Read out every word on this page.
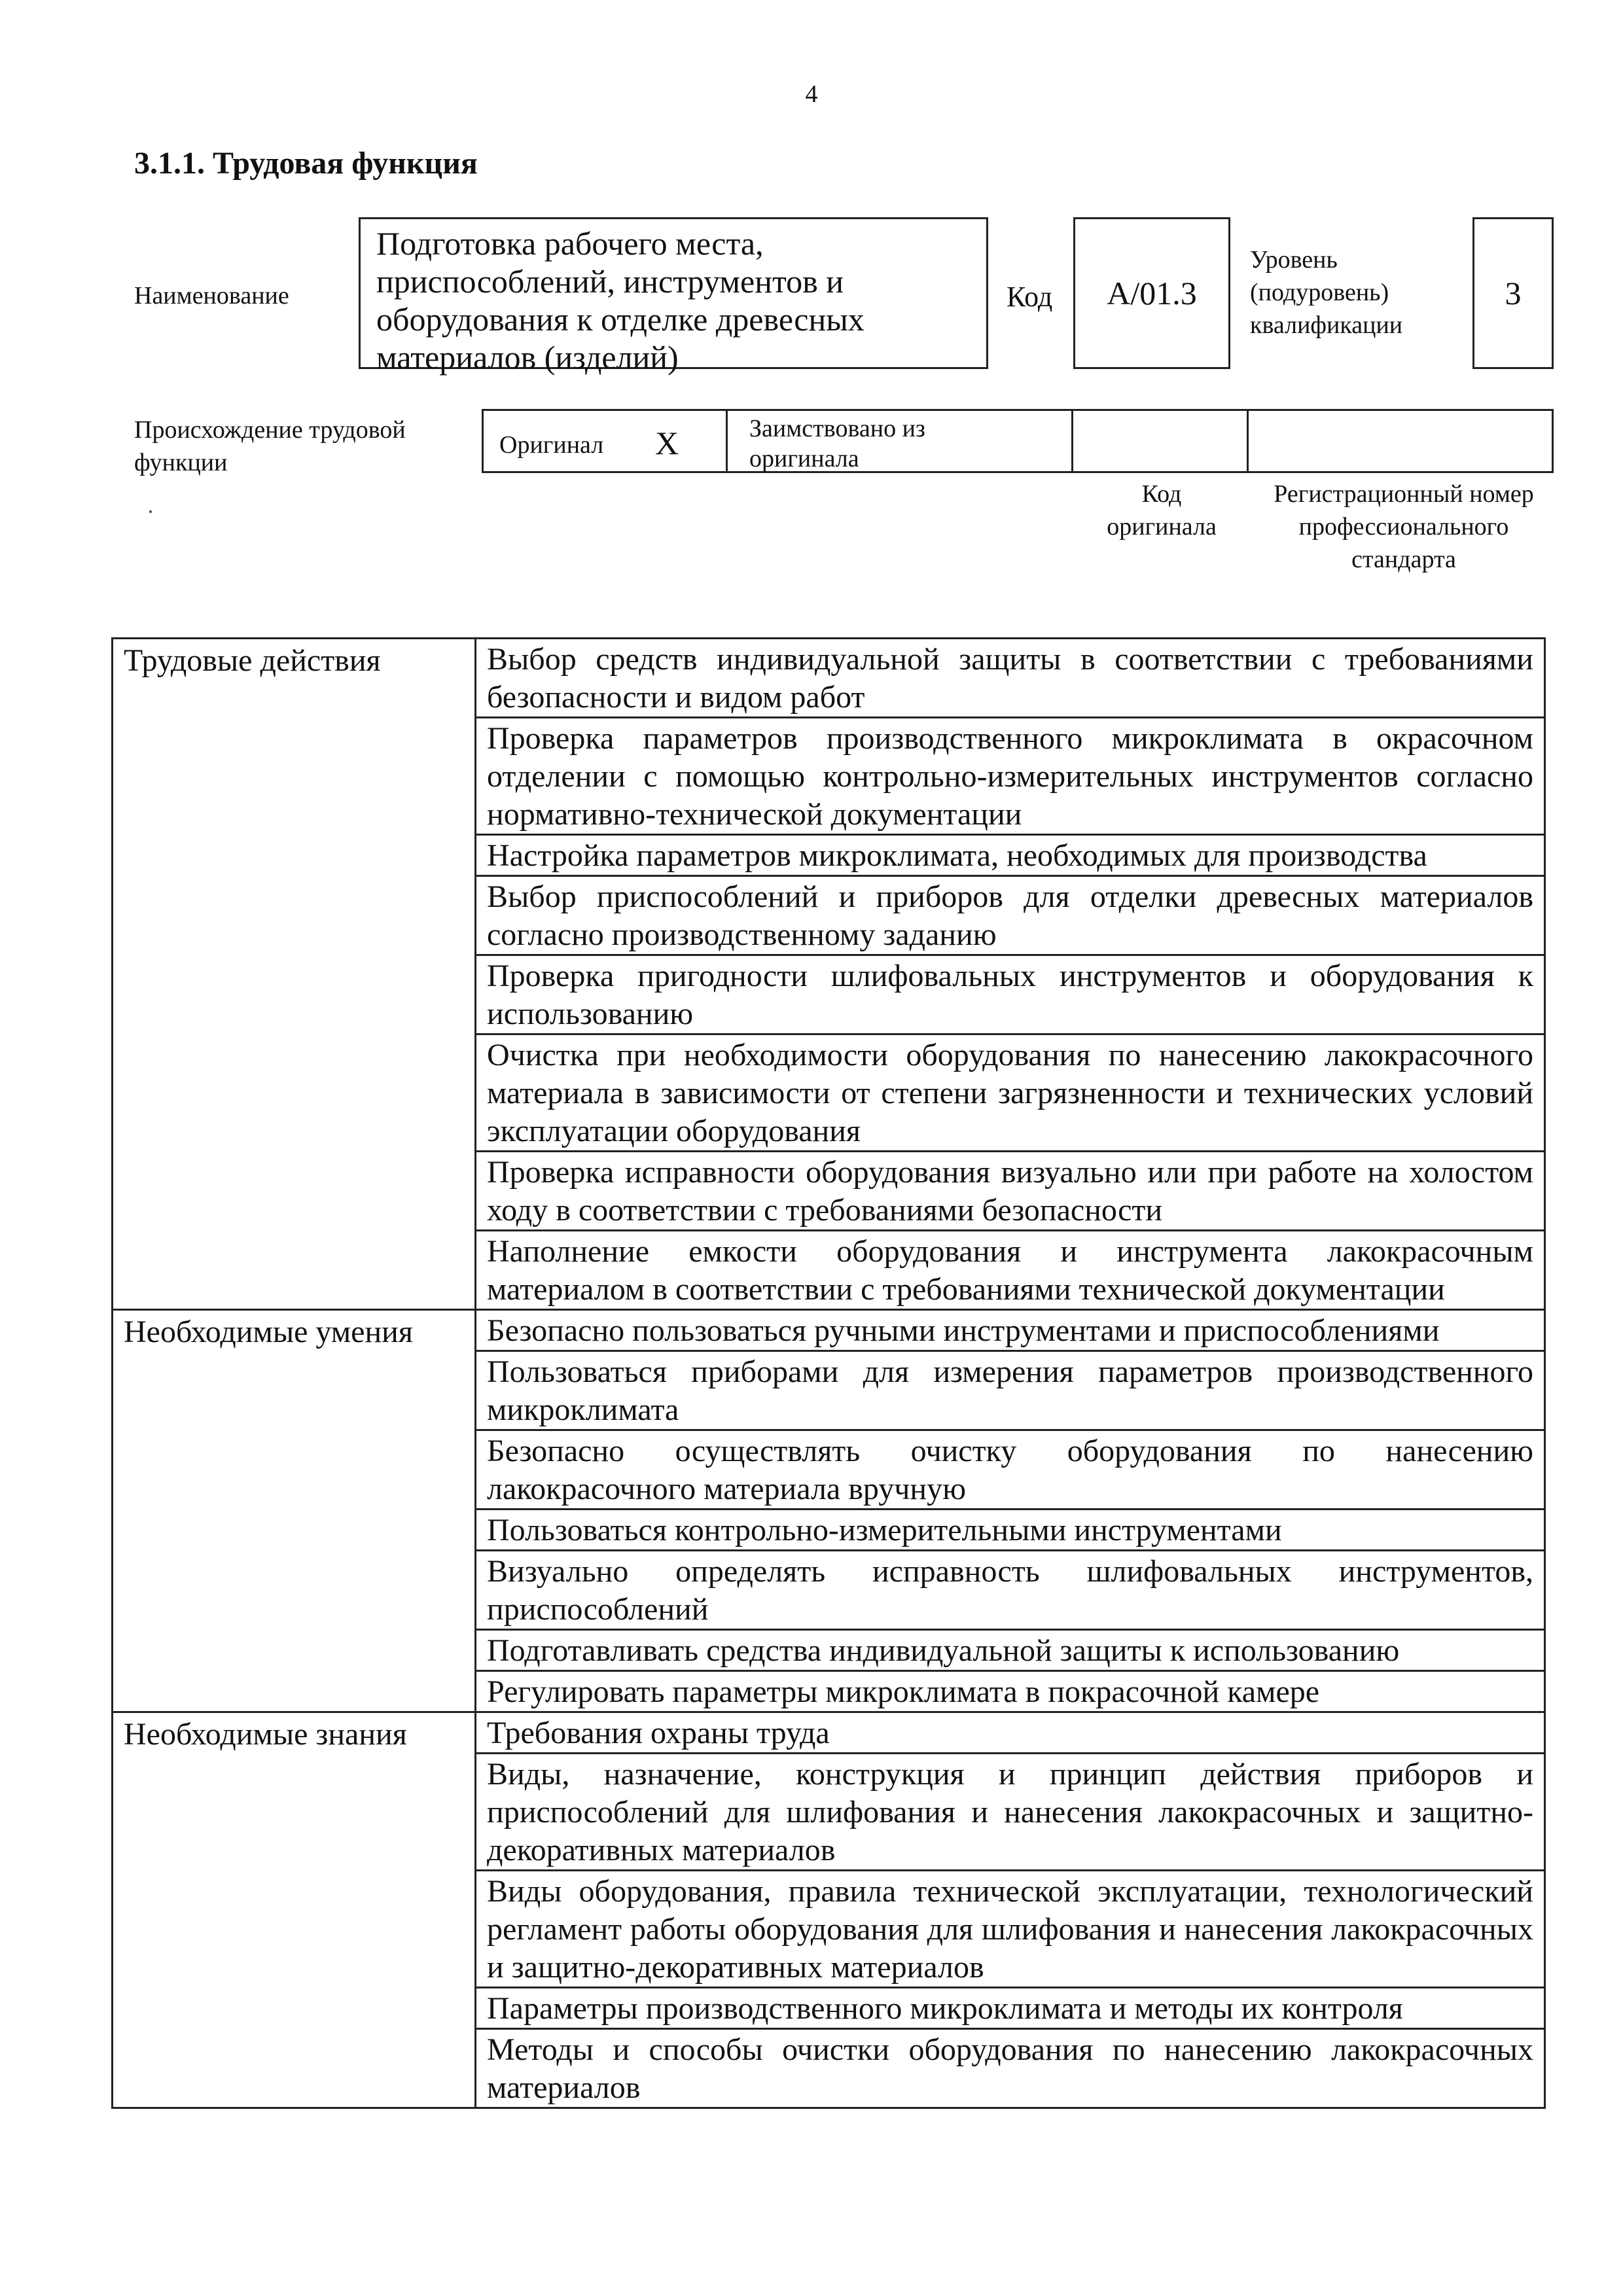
4
3.1.1. Трудовая функция
Наименование
Подготовка рабочего места, приспособлений, инструментов и оборудования к отделке древесных материалов (изделий)
Код	А/01.3
Уровень (подуровень) квалификации
3
Происхождение трудовой функции
Оригинал X	Заимствовано из оригинала
Код оригинала
Регистрационный номер профессионального стандарта
Трудовые действия	Выбор средств индивидуальной защиты в соответствии с требованиями безопасности и видом работ
	Проверка параметров производственного микроклимата в окрасочном отделении с помощью контрольно-измерительных инструментов согласно нормативно-технической документации
	Настройка параметров микроклимата, необходимых для производства
	Выбор приспособлений и приборов для отделки древесных материалов согласно производственному заданию
	Проверка пригодности шлифовальных инструментов и оборудования к использованию
	Очистка при необходимости оборудования по нанесению лакокрасочного материала в зависимости от степени загрязненности и технических условий эксплуатации оборудования
	Проверка исправности оборудования визуально или при работе на холостом ходу в соответствии с требованиями безопасности
	Наполнение емкости оборудования и инструмента лакокрасочным материалом в соответствии с требованиями технической документации
Необходимые умения	Безопасно пользоваться ручными инструментами и приспособлениями
	Пользоваться приборами для измерения параметров производственного микроклимата
	Безопасно осуществлять очистку оборудования по нанесению лакокрасочного материала вручную
	Пользоваться контрольно-измерительными инструментами
	Визуально определять исправность шлифовальных инструментов, приспособлений
	Подготавливать средства индивидуальной защиты к использованию
	Регулировать параметры микроклимата в покрасочной камере
Необходимые знания	Требования охраны труда
	Виды, назначение, конструкция и принцип действия приборов и приспособлений для шлифования и нанесения лакокрасочных и защитно-декоративных материалов
	Виды оборудования, правила технической эксплуатации, технологический регламент работы оборудования для шлифования и нанесения лакокрасочных и защитно-декоративных материалов
	Параметры производственного микроклимата и методы их контроля
	Методы и способы очистки оборудования по нанесению лакокрасочных материалов
